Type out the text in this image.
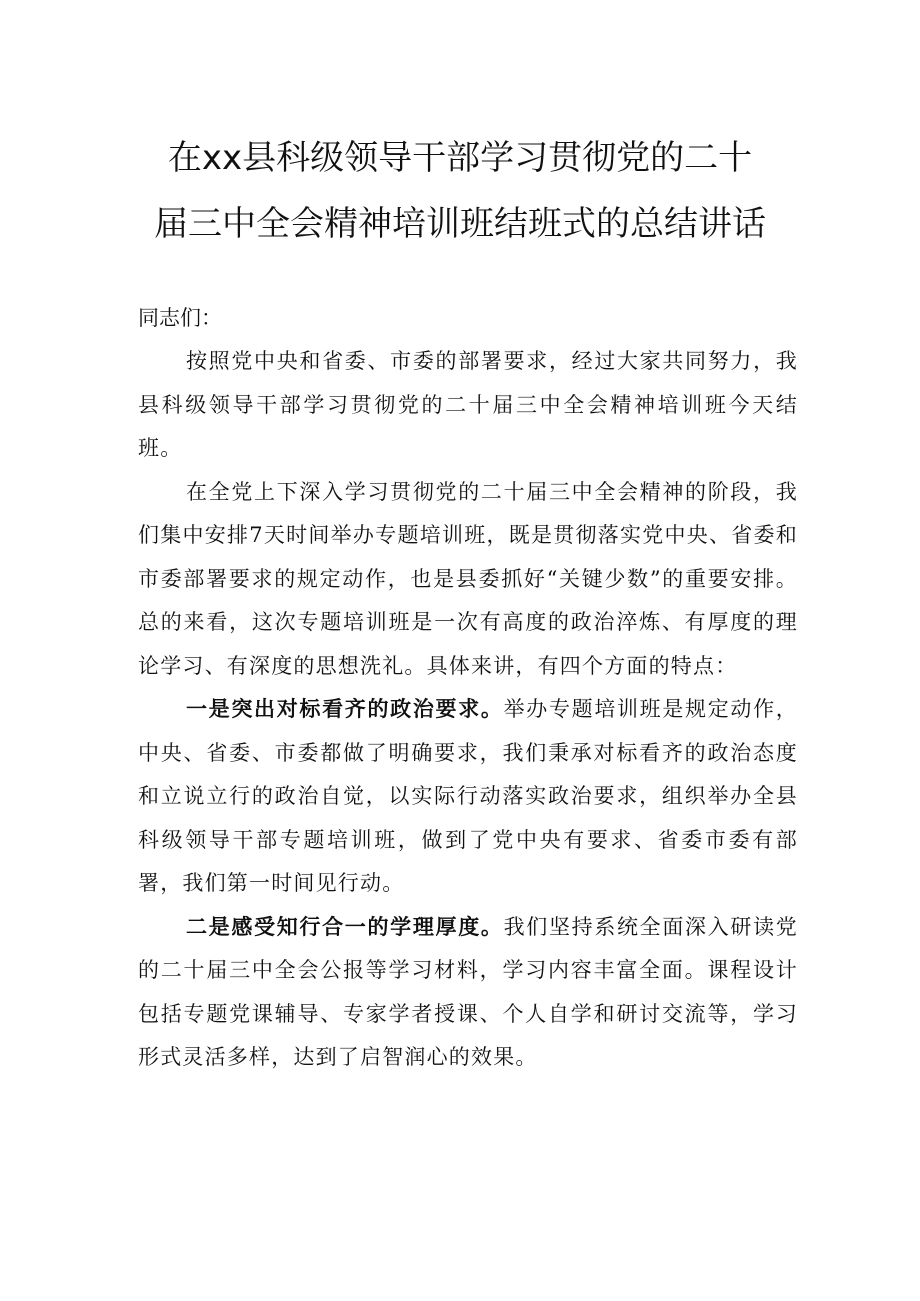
在xx县科级领导干部学习贯彻党的二十
届三中全会精神培训班结班式的总结讲话
同志们：

按照党中央和省委、市委的部署要求，经过大家共同努力，我县科级领导干部学习贯彻党的二十届三中全会精神培训班今天结班。

在全党上下深入学习贯彻党的二十届三中全会精神的阶段，我们集中安排7天时间举办专题培训班，既是贯彻落实党中央、省委和市委部署要求的规定动作，也是县委抓好“关键少数”的重要安排。总的来看，这次专题培训班是一次有高度的政治淬炼、有厚度的理论学习、有深度的思想洗礼。具体来讲，有四个方面的特点：

一是突出对标看齐的政治要求。举办专题培训班是规定动作，中央、省委、市委都做了明确要求，我们秉承对标看齐的政治态度和立说立行的政治自觉，以实际行动落实政治要求，组织举办全县科级领导干部专题培训班，做到了党中央有要求、省委市委有部署，我们第一时间见行动。

二是感受知行合一的学理厚度。我们坚持系统全面深入研读党的二十届三中全会公报等学习材料，学习内容丰富全面。课程设计包括专题党课辅导、专家学者授课、个人自学和研讨交流等，学习形式灵活多样，达到了启智润心的效果。
